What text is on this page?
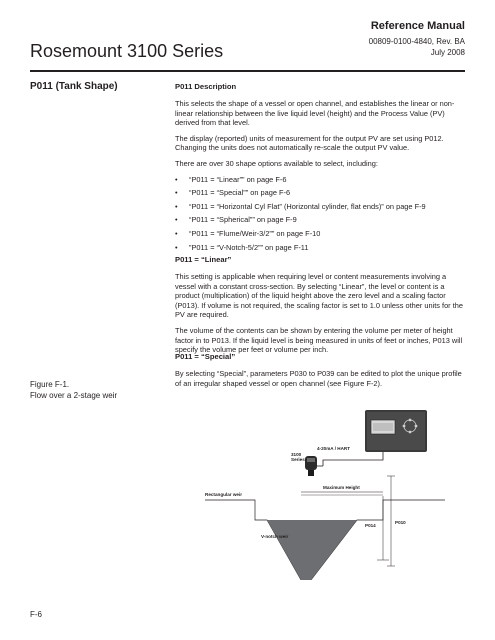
Rosemount 3100 Series
Reference Manual
00809-0100-4840, Rev. BA
July 2008
P011 (Tank Shape)
Figure F-1.
Flow over a 2-stage weir

P011 Description

This selects the shape of a vessel or open channel, and establishes the linear or non-linear relationship between the live liquid level (height) and the Process Value (PV) derived from that level.

The display (reported) units of measurement for the output PV are set using P012. Changing the units does not automatically re-scale the output PV value.

There are over 30 shape options available to select, including:

• “P011 = “Linear”” on page F-6
• “P011 = “Special”” on page F-6
• “P011 = “Horizontal Cyl Flat” (Horizontal cylinder, flat ends)” on page F-9
• “P011 = “Spherical”” on page F-9
• “P011 = “Flume/Weir-3/2”” on page F-10
• ”P011 = “V-Notch-5/2”” on page F-11

P011 = “Linear”

This setting is applicable when requiring level or content measurements involving a vessel with a constant cross-section. By selecting “Linear”, the level or content is a product (multiplication) of the liquid height above the zero level and a scaling factor (P013). If volume is not required, the scaling factor is set to 1.0 unless other units for the PV are required.

The volume of the contents can be shown by entering the volume per meter of height factor in to P013. If the liquid level is being measured in units of feet or inches, P013 will specify the volume per feet or volume per inch.

P011 = “Special”

By selecting “Special”, parameters P030 to P039 can be edited to plot the unique profile of an irregular shaped vessel or open channel (see Figure F-2).

3100
Series
4-20mA / HART
Maximum Height
Rectangular weir
V-notch weir
P014
P010
F-6
